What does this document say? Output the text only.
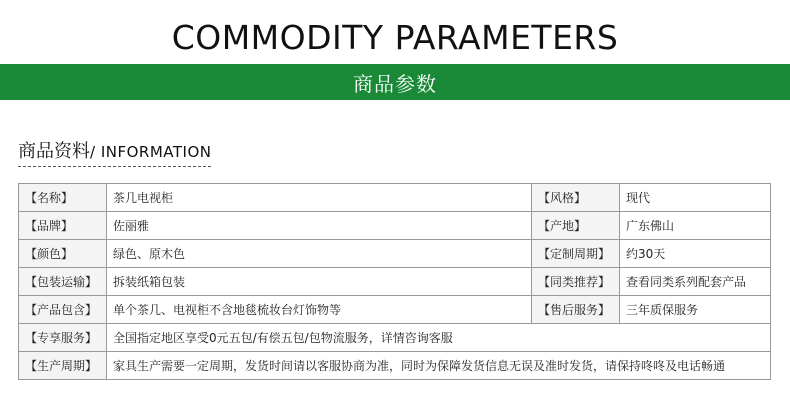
COMMODITY PARAMETERS
商品参数
商品资料/ INFORMATION
【名称】	茶几电视柜	【风格】	现代
【品牌】	佐丽雅	【产地】	广东佛山
【颜色】	绿色、原木色	【定制周期】	约30天
【包装运输】	拆装纸箱包装	【同类推荐】	查看同类系列配套产品
【产品包含】	单个茶几、电视柜不含地毯梳妆台灯饰物等	【售后服务】	三年质保服务
【专享服务】	全国指定地区享受0元五包/有偿五包/包物流服务，详情咨询客服		
【生产周期】	家具生产需要一定周期，发货时间请以客服协商为准，同时为保障发货信息无误及准时发货，请保持咚咚及电话畅通		
